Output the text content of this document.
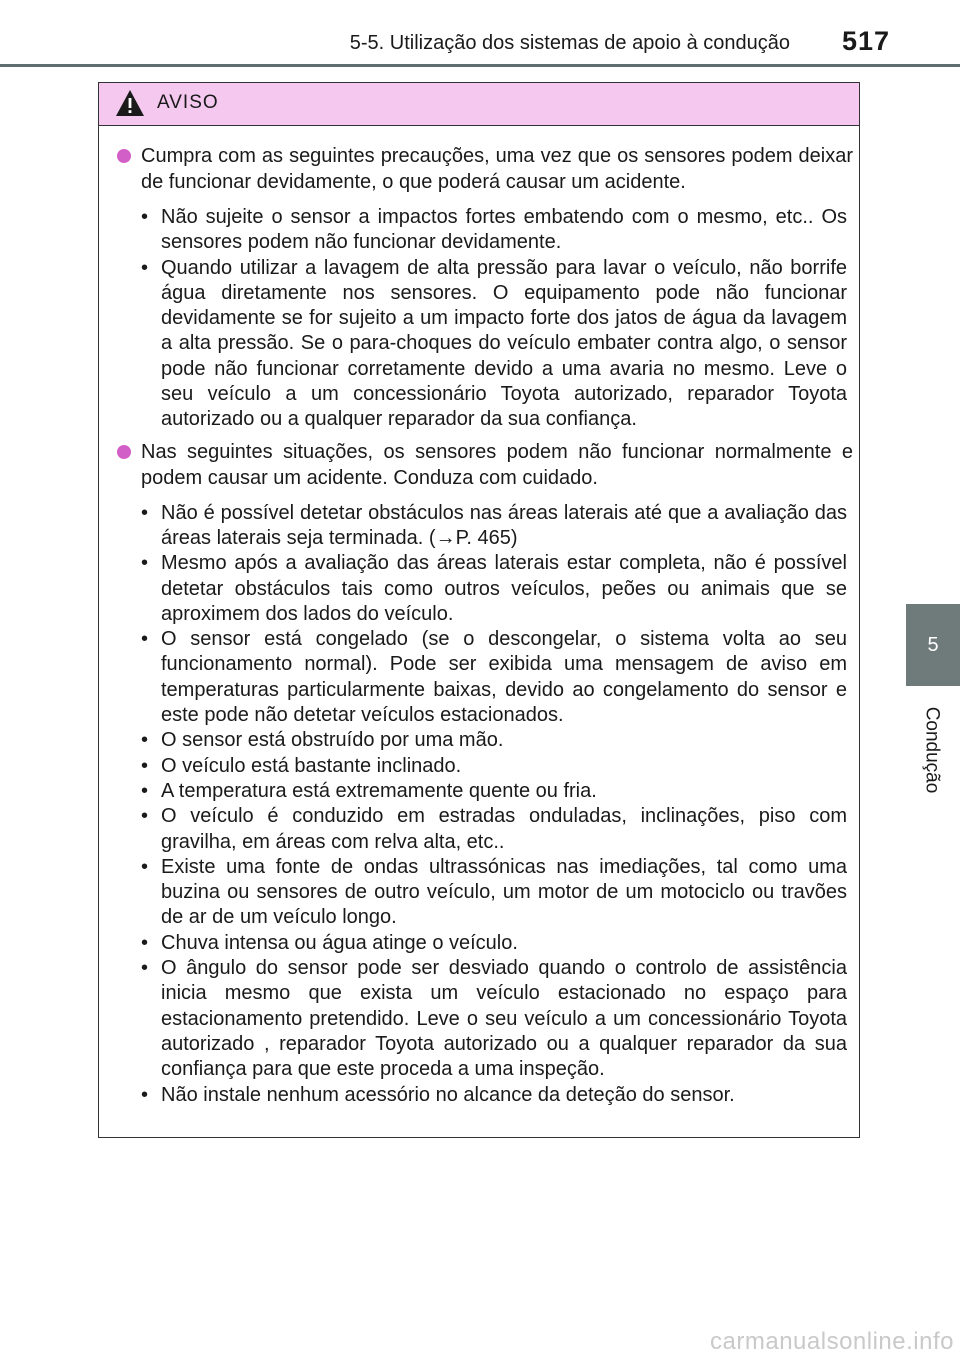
5-5. Utilização dos sistemas de apoio à condução 517
5
Condução
AVISO
Cumpra com as seguintes precauções, uma vez que os sensores podem deixar de funcionar devidamente, o que poderá causar um acidente.
• Não sujeite o sensor a impactos fortes embatendo com o mesmo, etc.. Os sensores podem não funcionar devidamente.
• Quando utilizar a lavagem de alta pressão para lavar o veículo, não borrife água diretamente nos sensores. O equipamento pode não funcionar devidamente se for sujeito a um impacto forte dos jatos de água da lavagem a alta pressão. Se o para-choques do veículo embater contra algo, o sensor pode não funcionar corretamente devido a uma avaria no mesmo. Leve o seu veículo a um concessionário Toyota autorizado, reparador Toyota autorizado ou a qualquer reparador da sua confiança.
Nas seguintes situações, os sensores podem não funcionar normalmente e podem causar um acidente. Conduza com cuidado.
• Não é possível detetar obstáculos nas áreas laterais até que a avaliação das áreas laterais seja terminada. (→P. 465)
• Mesmo após a avaliação das áreas laterais estar completa, não é possível detetar obstáculos tais como outros veículos, peões ou animais que se aproximem dos lados do veículo.
• O sensor está congelado (se o descongelar, o sistema volta ao seu funcionamento normal). Pode ser exibida uma mensagem de aviso em temperaturas particularmente baixas, devido ao congelamento do sensor e este pode não detetar veículos estacionados.
• O sensor está obstruído por uma mão.
• O veículo está bastante inclinado.
• A temperatura está extremamente quente ou fria.
• O veículo é conduzido em estradas onduladas, inclinações, piso com gravilha, em áreas com relva alta, etc..
• Existe uma fonte de ondas ultrassónicas nas imediações, tal como uma buzina ou sensores de outro veículo, um motor de um motociclo ou travões de ar de um veículo longo.
• Chuva intensa ou água atinge o veículo.
• O ângulo do sensor pode ser desviado quando o controlo de assistência inicia mesmo que exista um veículo estacionado no espaço para estacionamento pretendido. Leve o seu veículo a um concessionário Toyota autorizado , reparador Toyota autorizado ou a qualquer reparador da sua confiança para que este proceda a uma inspeção.
• Não instale nenhum acessório no alcance da deteção do sensor.
carmanualsonline.info
